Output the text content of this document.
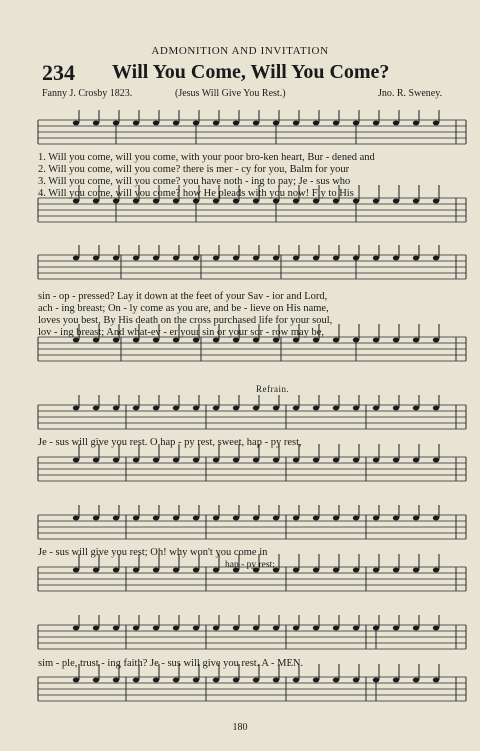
ADMONITION AND INVITATION
234 Will You Come, Will You Come?
Fanny J. Crosby 1823.	(Jesus Will Give You Rest.)	Jno. R. Sweney.
1. Will you come, will you come, with your poor bro-ken heart, Bur - dened and
2. Will you come, will you come? there is mer - cy for you, Balm for your
3. Will you come, will you come? you have noth - ing to pay; Je - sus who
4. Will you come, will you come? how He pleads with you now! Fly to His
sin - op - pressed? Lay it down at the feet of your Sav - ior and Lord,
ach - ing breast; On - ly come as you are, and be - lieve on His name,
loves you best, By His death on the cross purchased life for your soul,
lov - ing breast; And what-ev - er your sin or your sor - row may be,
Refrain.
Je - sus will give you rest. O hap - py rest, sweet, hap - py rest,
Je - sus will give you rest; Oh! why won't you come in
hap - py rest;
sim - ple, trust - ing faith? Je - sus will give you rest. A - MEN.
180
